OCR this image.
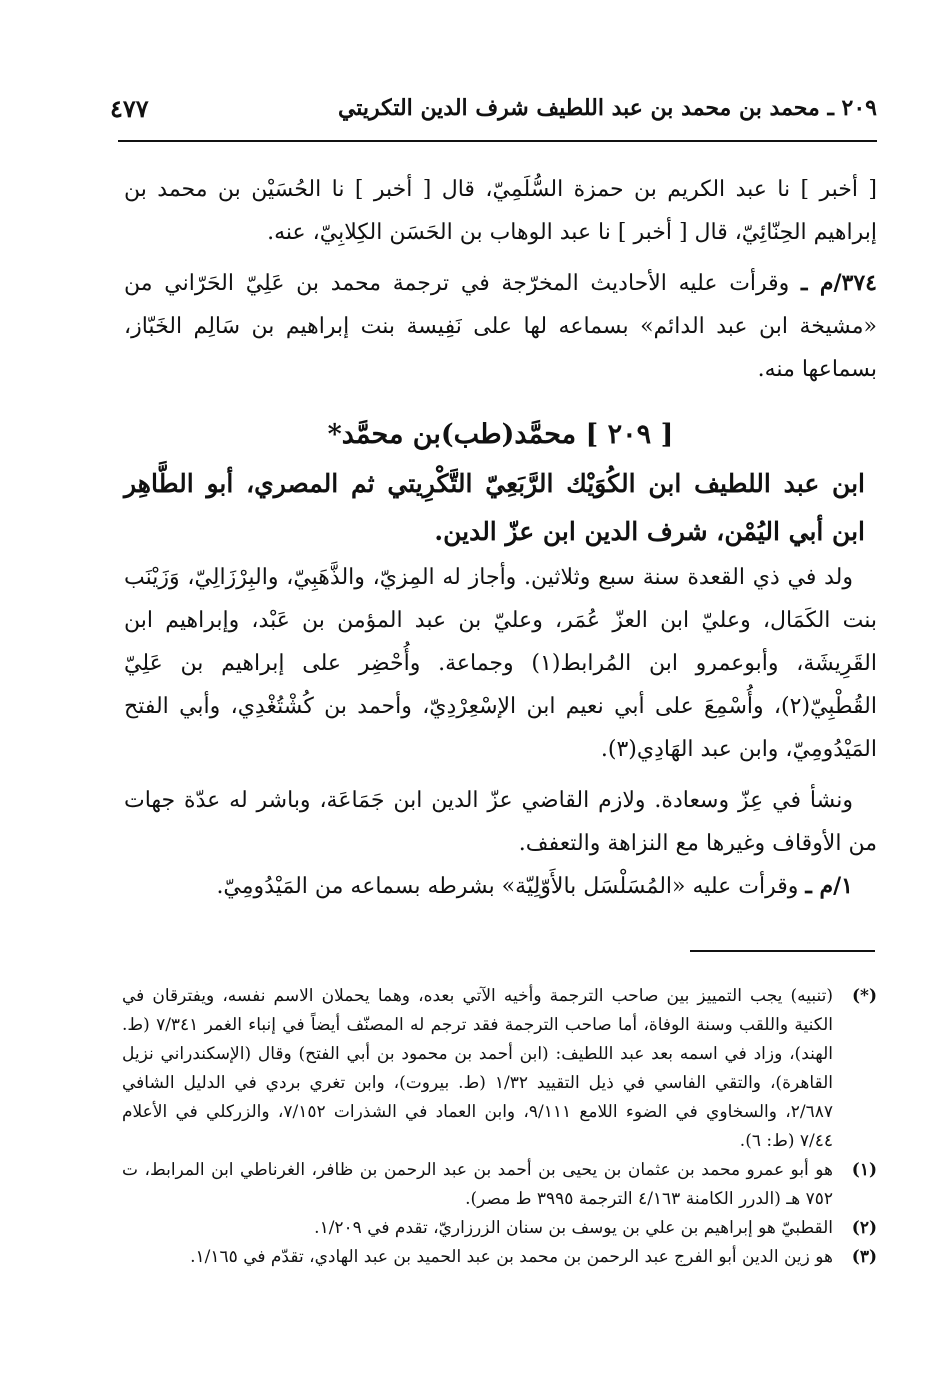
٢٠٩ ـ محمد بن محمد بن عبد اللطيف شرف الدين التكريتي
٤٧٧

[ أخبر ] نا عبد الكريم بن حمزة السُّلَمِيّ، قال [ أخبر ] نا الحُسَيْن بن محمد بن إبراهيم الحِنّائِيّ، قال [ أخبر ] نا عبد الوهاب بن الحَسَن الكِلابِيّ، عنه.

٣٧٤/م ـ وقرأت عليه الأحاديث المخرّجة في ترجمة محمد بن عَلِيّ الحَرّاني من «مشيخة ابن عبد الدائم» بسماعه لها على نَفِيسة بنت إبراهيم بن سَالِم الخَبّاز، بسماعها منه.

[ ٢٠٩ ] محمَّد(طب)بن محمَّد*

ابن عبد اللطيف ابن الكُوَيْك الرَّبَعِيّ التَّكْرِيتي ثم المصري، أبو الطَّاهِر ابن أبي اليُمْن، شرف الدين ابن عزّ الدين.

ولد في ذي القعدة سنة سبع وثلاثين. وأجاز له المِزيّ، والذَّهَبِيّ، والبِرْزَالِيّ، وَزَيْنَب بنت الكَمَال، وعليّ ابن العزّ عُمَر، وعليّ بن عبد المؤمن بن عَبْد، وإبراهيم ابن القَرِيشَة، وأبوعمرو ابن المُرابط(١) وجماعة. وأُحْضِر على إبراهيم بن عَلِيّ القُطْبِيّ(٢)، وأُسْمِعَ على أبي نعيم ابن الإسْعِرْدِيّ، وأحمد بن كُشْتُغْدِي، وأبي الفتح المَيْدُومِيّ، وابن عبد الهَادِي(٣).

ونشأ في عِزّ وسعادة. ولازم القاضي عزّ الدين ابن جَمَاعَة، وباشر له عدّة جهات من الأوقاف وغيرها مع النزاهة والتعفف.

١/م ـ وقرأت عليه «المُسَلْسَل بالأَوّلِيّة» بشرطه بسماعه من المَيْدُومِيّ.

(*)
(تنبيه) يجب التمييز بين صاحب الترجمة وأخيه الآتي بعده، وهما يحملان الاسم نفسه، ويفترقان في الكنية واللقب وسنة الوفاة، أما صاحب الترجمة فقد ترجم له المصنّف أيضاً في إنباء الغمر ٧/٣٤١ (ط. الهند)، وزاد في اسمه بعد عبد اللطيف: (ابن أحمد بن محمود بن أبي الفتح) وقال (الإسكندراني نزيل القاهرة)، والتقي الفاسي في ذيل التقييد ١/٣٢ (ط. بيروت)، وابن تغري بردي في الدليل الشافي ٢/٦٨٧، والسخاوي في الضوء اللامع ٩/١١١، وابن العماد في الشذرات ٧/١٥٢، والزركلي في الأعلام ٧/٤٤ (ط: ٦).

(١)
هو أبو عمرو محمد بن عثمان بن يحيى بن أحمد بن عبد الرحمن بن ظافر، الغرناطي ابن المرابط، ت ٧٥٢ هـ (الدرر الكامنة ٤/١٦٣ الترجمة ٣٩٩٥ ط مصر).

(٢)
القطبيّ هو إبراهيم بن علي بن يوسف بن سنان الزرزاريّ، تقدم في ١/٢٠٩.

(٣)
هو زين الدين أبو الفرج عبد الرحمن بن محمد بن عبد الحميد بن عبد الهادي، تقدّم في ١/١٦٥.
